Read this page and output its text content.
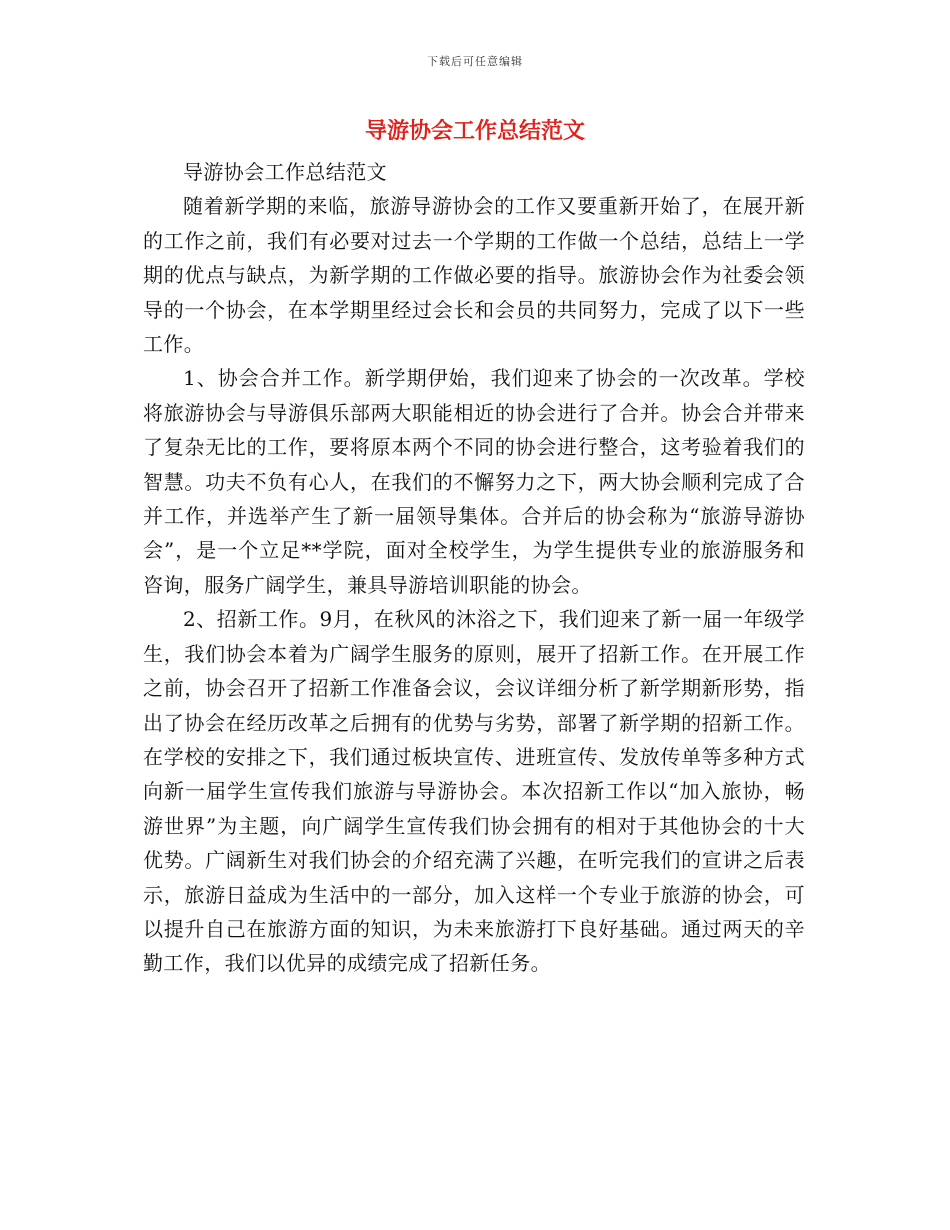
下载后可任意编辑
导游协会工作总结范文

导游协会工作总结范文

随着新学期的来临，旅游导游协会的工作又要重新开始了，在展开新的工作之前，我们有必要对过去一个学期的工作做一个总结，总结上一学期的优点与缺点，为新学期的工作做必要的指导。旅游协会作为社委会领导的一个协会，在本学期里经过会长和会员的共同努力，完成了以下一些工作。

1、协会合并工作。新学期伊始，我们迎来了协会的一次改革。学校将旅游协会与导游俱乐部两大职能相近的协会进行了合并。协会合并带来了复杂无比的工作，要将原本两个不同的协会进行整合，这考验着我们的智慧。功夫不负有心人，在我们的不懈努力之下，两大协会顺利完成了合并工作，并选举产生了新一届领导集体。合并后的协会称为“旅游导游协会”，是一个立足**学院，面对全校学生，为学生提供专业的旅游服务和咨询，服务广阔学生，兼具导游培训职能的协会。

2、招新工作。9月，在秋风的沐浴之下，我们迎来了新一届一年级学生，我们协会本着为广阔学生服务的原则，展开了招新工作。在开展工作之前，协会召开了招新工作准备会议，会议详细分析了新学期新形势，指出了协会在经历改革之后拥有的优势与劣势，部署了新学期的招新工作。在学校的安排之下，我们通过板块宣传、进班宣传、发放传单等多种方式向新一届学生宣传我们旅游与导游协会。本次招新工作以“加入旅协，畅游世界”为主题，向广阔学生宣传我们协会拥有的相对于其他协会的十大优势。广阔新生对我们协会的介绍充满了兴趣，在听完我们的宣讲之后表示，旅游日益成为生活中的一部分，加入这样一个专业于旅游的协会，可以提升自己在旅游方面的知识，为未来旅游打下良好基础。通过两天的辛勤工作，我们以优异的成绩完成了招新任务。
